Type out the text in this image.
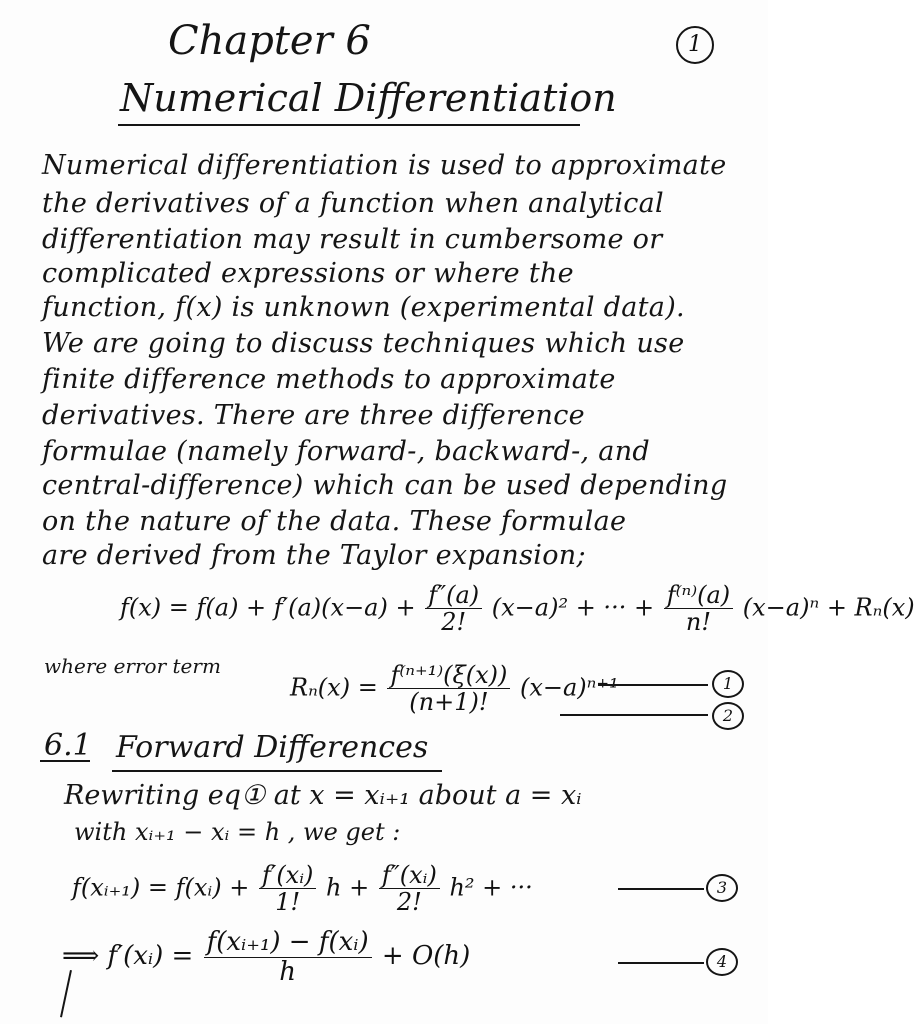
1
Chapter 6
Numerical Differentiation
Numerical differentiation is used to approximate
the derivatives of a function when analytical
differentiation may result in cumbersome or
complicated expressions or where the
function, f(x) is unknown (experimental data).
We are going to discuss techniques which use
finite difference methods to approximate
derivatives. There are three difference
formulae (namely forward-, backward-, and
central-difference) which can be used depending
on the nature of the data. These formulae
are derived from the Taylor expansion;
$f(x) = f(a) + f'(a)(x-a) + \frac{f''(a)}{2!} (x-a)^2$ + ··· + $\frac{\text{f⁽ⁿ⁾(a)}}{n!} (x-a)^n + R_n(x)$
where error term
$R_n(x) = \frac{\text{f⁽ⁿ⁺¹⁾(ξ(x))}}{(n+1)!} (x-a)^{n+1}$	1
2
6.1 Forward Differences
Rewriting eq① at x = xᵢ₊₁ about a = xᵢ
with xᵢ₊₁ − xᵢ = h , we get :
f(xᵢ₊₁) = f(xᵢ) + $\frac{\text{f′(xᵢ)}}{1!}$ $h + \frac{\text{f″(xᵢ)}}{2!} h^2$ + ···	3
⟹ f′(xᵢ) = $\frac{\text{f(xᵢ₊₁) − f(xᵢ)}}{h} + O(h)$	4
